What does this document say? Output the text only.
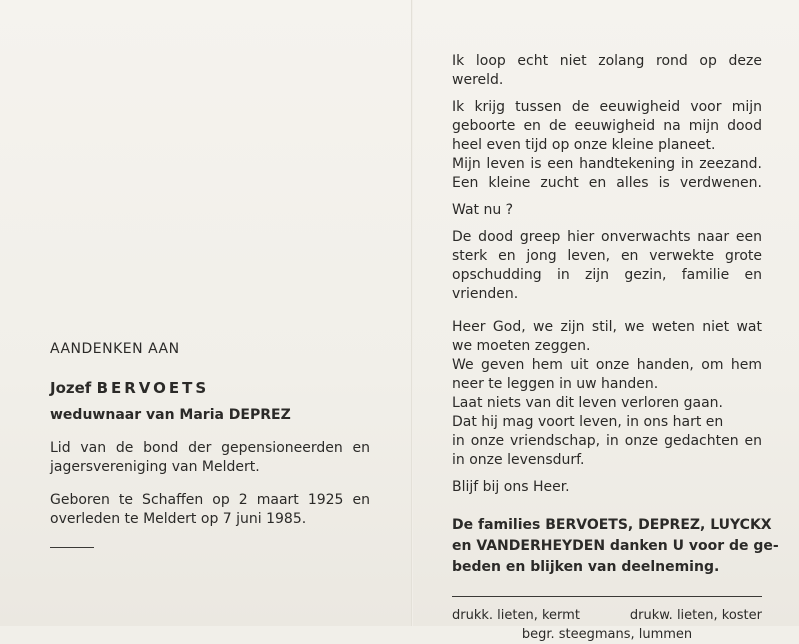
AANDENKEN AAN

Jozef BERVOETS

weduwnaar van Maria DEPREZ

Lid van de bond der gepensioneerden en

jagersvereniging van Meldert.

Geboren te Schaffen op 2 maart 1925 en

overleden te Meldert op 7 juni 1985.

Ik loop echt niet zolang rond op deze

wereld.

Ik krijg tussen de eeuwigheid voor mijn

geboorte en de eeuwigheid na mijn dood

heel even tijd op onze kleine planeet.

Mijn leven is een handtekening in zeezand.

Een kleine zucht en alles is verdwenen.

Wat nu ?

De dood greep hier onverwachts naar een

sterk en jong leven, en verwekte grote

opschudding in zijn gezin, familie en

vrienden.

Heer God, we zijn stil, we weten niet wat

we moeten zeggen.

We geven hem uit onze handen, om hem

neer te leggen in uw handen.

Laat niets van dit leven verloren gaan.

Dat hij mag voort leven, in ons hart en

in onze vriendschap, in onze gedachten en

in onze levensdurf.

Blijf bij ons Heer.

De families BERVOETS, DEPREZ, LUYCKX

en VANDERHEYDEN danken U voor de ge-

beden en blijken van deelneming.

drukk. lieten, kermt	drukw. lieten, koster

begr. steegmans, lummen
